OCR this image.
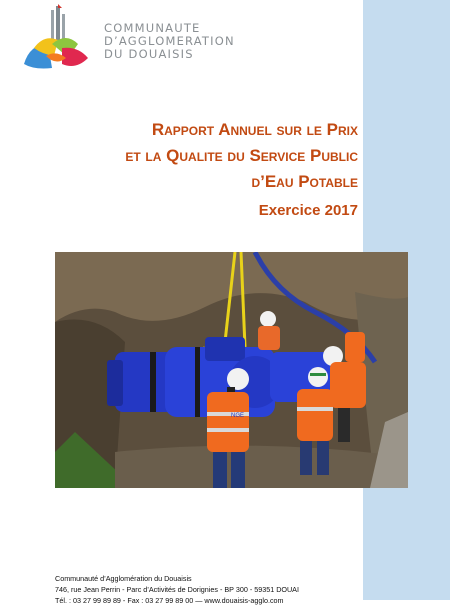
COMMUNAUTE
D’AGGLOMERATION
DU DOUAISIS
Rapport Annuel sur le Prix
et la Qualite du Service Public
d’Eau Potable
Exercice 2017
NGE
Communauté d’Agglomération du Douaisis
746, rue Jean Perrin - Parc d’Activités de Dorignies - BP 300 - 59351 DOUAI
Tél. : 03 27 99 89 89 - Fax : 03 27 99 89 00 — www.douaisis-agglo.com
